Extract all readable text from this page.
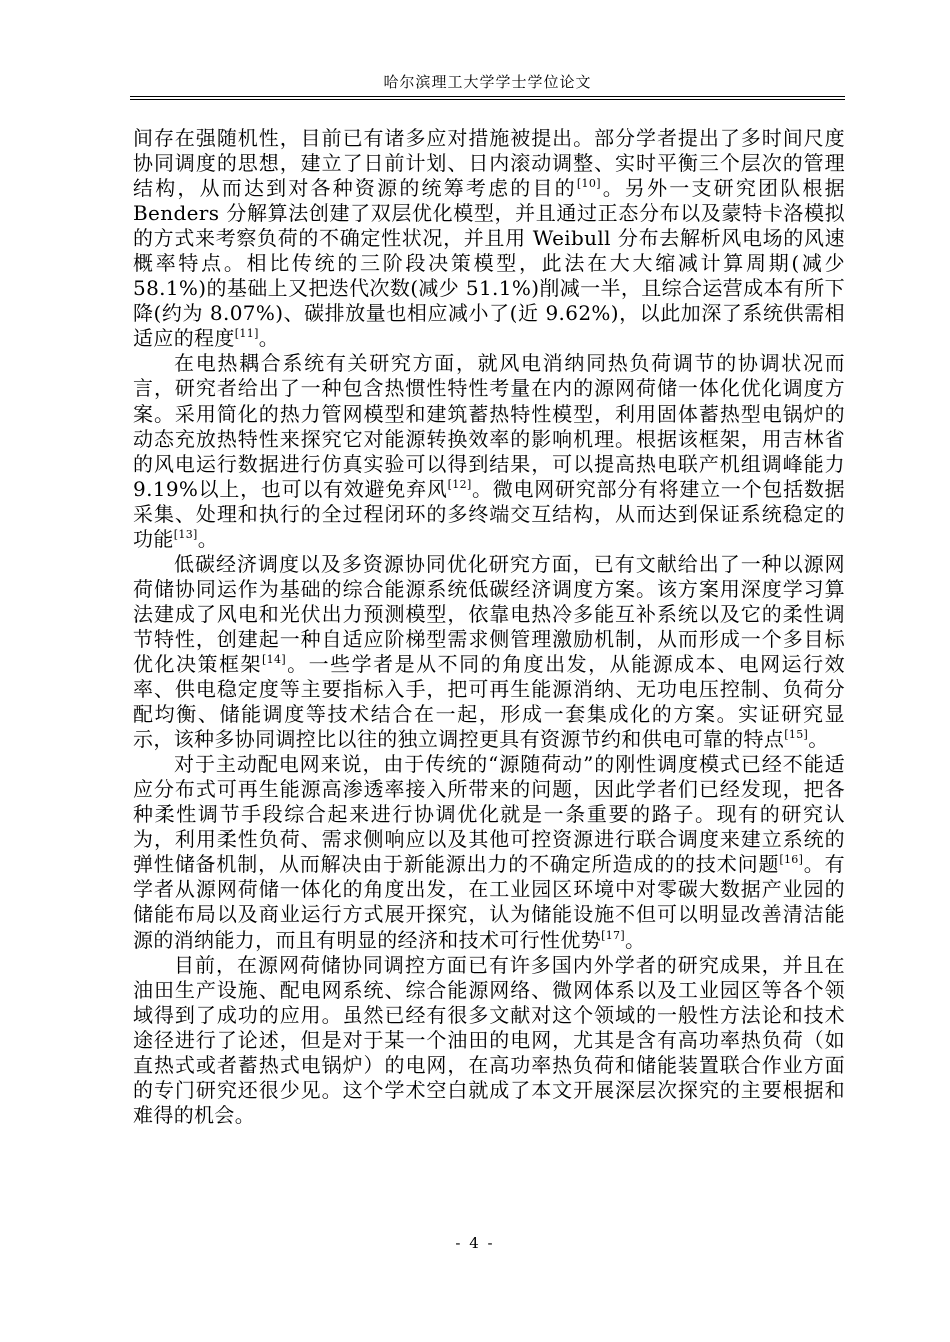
哈尔滨理工大学学士学位论文

间存在强随机性，目前已有诸多应对措施被提出。部分学者提出了多时间尺度协同调度的思想，建立了日前计划、日内滚动调整、实时平衡三个层次的管理结构，从而达到对各种资源的统筹考虑的目的[10]。另外一支研究团队根据 Benders 分解算法创建了双层优化模型，并且通过正态分布以及蒙特卡洛模拟的方式来考察负荷的不确定性状况，并且用 Weibull 分布去解析风电场的风速概率特点。相比传统的三阶段决策模型，此法在大大缩减计算周期(减少 58.1%)的基础上又把迭代次数(减少 51.1%)削减一半，且综合运营成本有所下降(约为 8.07%)、碳排放量也相应减小了(近 9.62%)，以此加深了系统供需相适应的程度[11]。

在电热耦合系统有关研究方面，就风电消纳同热负荷调节的协调状况而言，研究者给出了一种包含热惯性特性考量在内的源网荷储一体化优化调度方案。采用简化的热力管网模型和建筑蓄热特性模型，利用固体蓄热型电锅炉的动态充放热特性来探究它对能源转换效率的影响机理。根据该框架，用吉林省的风电运行数据进行仿真实验可以得到结果，可以提高热电联产机组调峰能力 9.19%以上，也可以有效避免弃风[12]。微电网研究部分有将建立一个包括数据采集、处理和执行的全过程闭环的多终端交互结构，从而达到保证系统稳定的功能[13]。

低碳经济调度以及多资源协同优化研究方面，已有文献给出了一种以源网荷储协同运作为基础的综合能源系统低碳经济调度方案。该方案用深度学习算法建成了风电和光伏出力预测模型，依靠电热冷多能互补系统以及它的柔性调节特性，创建起一种自适应阶梯型需求侧管理激励机制，从而形成一个多目标优化决策框架[14]。一些学者是从不同的角度出发，从能源成本、电网运行效率、供电稳定度等主要指标入手，把可再生能源消纳、无功电压控制、负荷分配均衡、储能调度等技术结合在一起，形成一套集成化的方案。实证研究显示，该种多协同调控比以往的独立调控更具有资源节约和供电可靠的特点[15]。

对于主动配电网来说，由于传统的“源随荷动”的刚性调度模式已经不能适应分布式可再生能源高渗透率接入所带来的问题，因此学者们已经发现，把各种柔性调节手段综合起来进行协调优化就是一条重要的路子。现有的研究认为，利用柔性负荷、需求侧响应以及其他可控资源进行联合调度来建立系统的弹性储备机制，从而解决由于新能源出力的不确定所造成的的技术问题[16]。有学者从源网荷储一体化的角度出发，在工业园区环境中对零碳大数据产业园的储能布局以及商业运行方式展开探究，认为储能设施不但可以明显改善清洁能源的消纳能力，而且有明显的经济和技术可行性优势[17]。

目前，在源网荷储协同调控方面已有许多国内外学者的研究成果，并且在油田生产设施、配电网系统、综合能源网络、微网体系以及工业园区等各个领域得到了成功的应用。虽然已经有很多文献对这个领域的一般性方法论和技术途径进行了论述，但是对于某一个油田的电网，尤其是含有高功率热负荷（如直热式或者蓄热式电锅炉）的电网，在高功率热负荷和储能装置联合作业方面的专门研究还很少见。这个学术空白就成了本文开展深层次探究的主要根据和难得的机会。

- 4 -
